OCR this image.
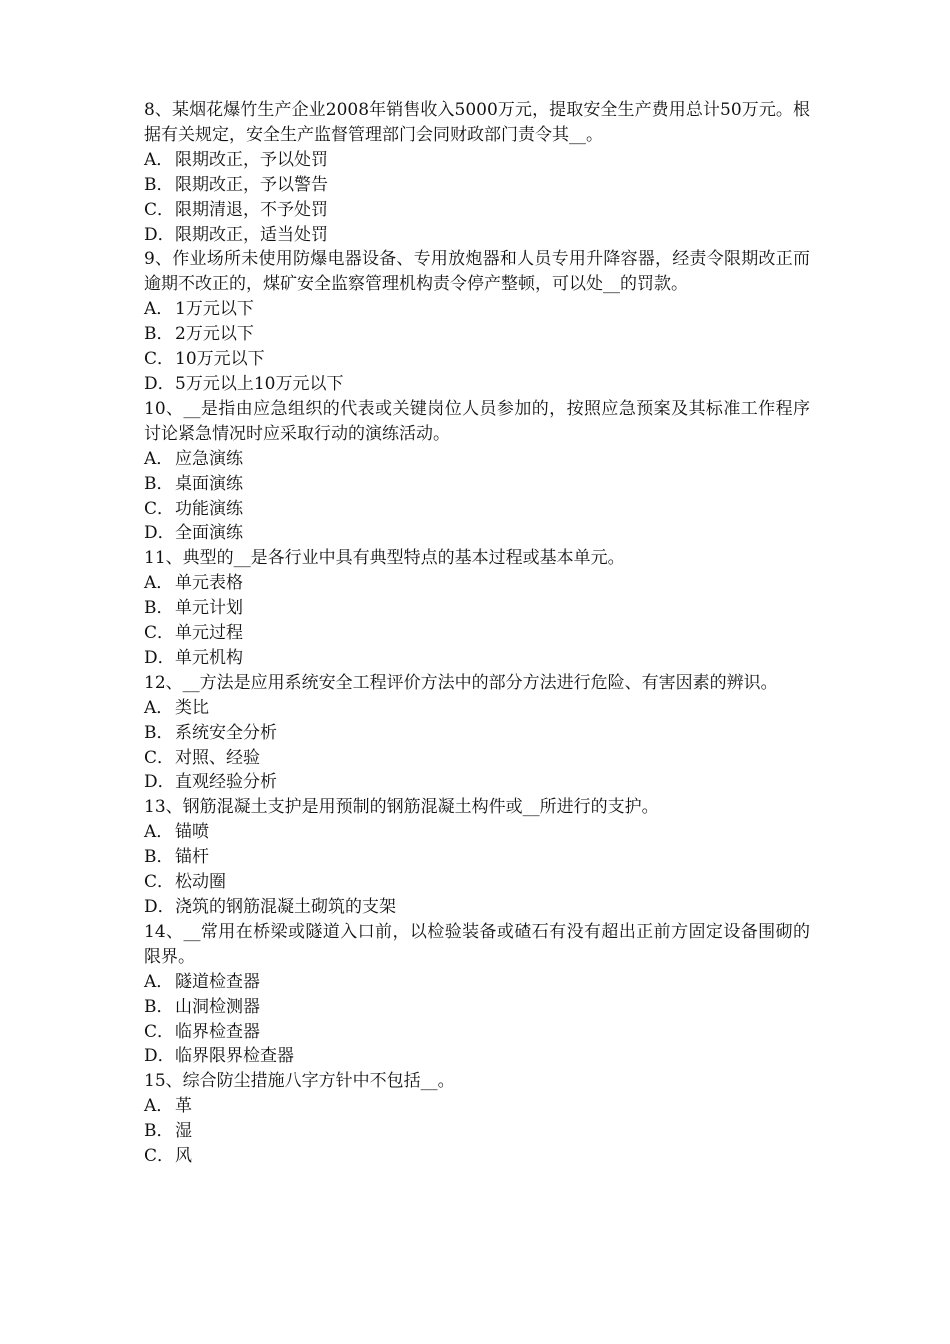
8、某烟花爆竹生产企业2008年销售收入5000万元，提取安全生产费用总计50万元。根据有关规定，安全生产监督管理部门会同财政部门责令其__。

A． 限期改正，予以处罚

B．限期改正，予以警告

C．限期清退，不予处罚

D．限期改正，适当处罚

9、作业场所未使用防爆电器设备、专用放炮器和人员专用升降容器，经责令限期改正而逾期不改正的，煤矿安全监察管理机构责令停产整顿，可以处__的罚款。

A． 1万元以下

B．2万元以下

C．10万元以下

D．5万元以上10万元以下

10、__是指由应急组织的代表或关键岗位人员参加的，按照应急预案及其标准工作程序讨论紧急情况时应采取行动的演练活动。

A． 应急演练

B．桌面演练

C．功能演练

D．全面演练

11、典型的__是各行业中具有典型特点的基本过程或基本单元。

A． 单元表格

B．单元计划

C．单元过程

D．单元机构

12、__方法是应用系统安全工程评价方法中的部分方法进行危险、有害因素的辨识。

A． 类比

B．系统安全分析

C．对照、经验

D．直观经验分析

13、钢筋混凝土支护是用预制的钢筋混凝土构件或__所进行的支护。

A． 锚喷

B．锚杆

C．松动圈

D．浇筑的钢筋混凝土砌筑的支架

14、__常用在桥梁或隧道入口前，以检验装备或碴石有没有超出正前方固定设备围砌的限界。

A． 隧道检查器

B．山洞检测器

C．临界检查器

D．临界限界检查器

15、综合防尘措施八字方针中不包括__。

A． 革

B．湿

C．风
